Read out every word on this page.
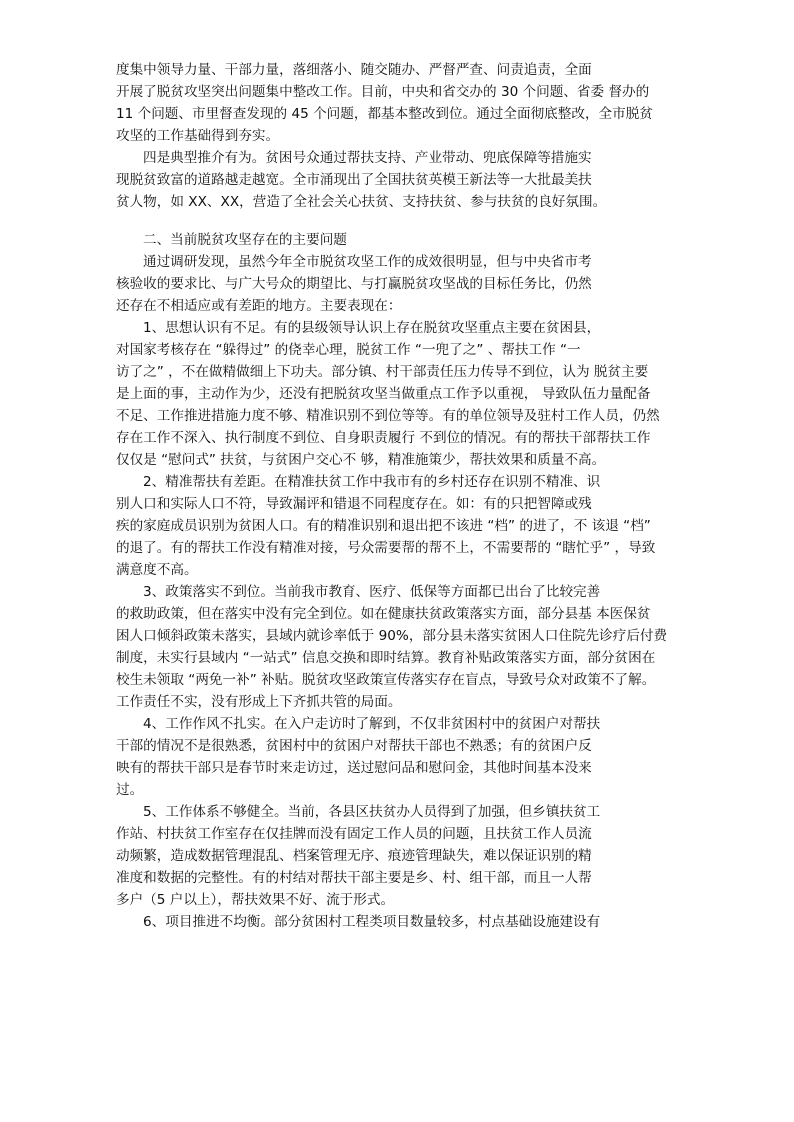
度集中领导力量、干部力量，落细落小、随交随办、严督严查、问责追责，全面
开展了脱贫攻坚突出问题集中整改工作。目前，中央和省交办的 30 个问题、省委 督办的
11 个问题、市里督查发现的 45 个问题，都基本整改到位。通过全面彻底整改，全市脱贫
攻坚的工作基础得到夯实。
四是典型推介有为。贫困号众通过帮扶支持、产业带动、兜底保障等措施实
现脱贫致富的道路越走越宽。全市涌现出了全国扶贫英模王新法等一大批最美扶
贫人物，如 XX、XX，营造了全社会关心扶贫、支持扶贫、参与扶贫的良好氛围。
二、当前脱贫攻坚存在的主要问题
通过调研发现，虽然今年全市脱贫攻坚工作的成效很明显，但与中央省市考
核验收的要求比、与广大号众的期望比、与打赢脱贫攻坚战的目标任务比，仍然
还存在不相适应或有差距的地方。主要表现在：
1、思想认识有不足。有的县级领导认识上存在脱贫攻坚重点主要在贫困县，
对国家考核存在 “躲得过” 的侥幸心理，脱贫工作 “一兜了之” 、帮扶工作 “一
访了之” ，不在做精做细上下功夫。部分镇、村干部责任压力传导不到位，认为 脱贫主要
是上面的事，主动作为少，还没有把脱贫攻坚当做重点工作予以重视， 导致队伍力量配备
不足、工作推进措施力度不够、精准识别不到位等等。有的单位领导及驻村工作人员，仍然
存在工作不深入、执行制度不到位、自身职责履行 不到位的情况。有的帮扶干部帮扶工作
仅仅是 “慰问式” 扶贫，与贫困户交心不 够，精准施策少，帮扶效果和质量不高。
2、精准帮扶有差距。在精准扶贫工作中我市有的乡村还存在识别不精准、识
别人口和实际人口不符，导致漏评和错退不同程度存在。如：有的只把智障或残
疾的家庭成员识别为贫困人口。有的精准识别和退出把不该进 “档” 的进了，不 该退 “档”
的退了。有的帮扶工作没有精准对接，号众需要帮的帮不上，不需要帮的 “瞎忙乎” ，导致
满意度不高。
3、政策落实不到位。当前我市教育、医疗、低保等方面都已出台了比较完善
的救助政策，但在落实中没有完全到位。如在健康扶贫政策落实方面，部分县基 本医保贫
困人口倾斜政策未落实，县域内就诊率低于 90%，部分县未落实贫困人口住院先诊疗后付费
制度，未实行县域内 “一站式” 信息交换和即时结算。教育补贴政策落实方面，部分贫困在
校生未领取 “两免一补” 补贴。脱贫攻坚政策宣传落实存在盲点，导致号众对政策不了解。
工作责任不实，没有形成上下齐抓共管的局面。
4、工作作风不扎实。在入户走访时了解到，不仅非贫困村中的贫困户对帮扶
干部的情况不是很熟悉，贫困村中的贫困户对帮扶干部也不熟悉；有的贫困户反
映有的帮扶干部只是春节时来走访过，送过慰问品和慰问金，其他时间基本没来
过。
5、工作体系不够健全。当前，各县区扶贫办人员得到了加强，但乡镇扶贫工
作站、村扶贫工作室存在仅挂牌而没有固定工作人员的问题，且扶贫工作人员流
动频繁，造成数据管理混乱、档案管理无序、痕迹管理缺失，难以保证识别的精
准度和数据的完整性。有的村结对帮扶干部主要是乡、村、组干部，而且一人帮
多户（5 户以上），帮扶效果不好、流于形式。
6、项目推进不均衡。部分贫困村工程类项目数量较多，村点基础设施建设有
